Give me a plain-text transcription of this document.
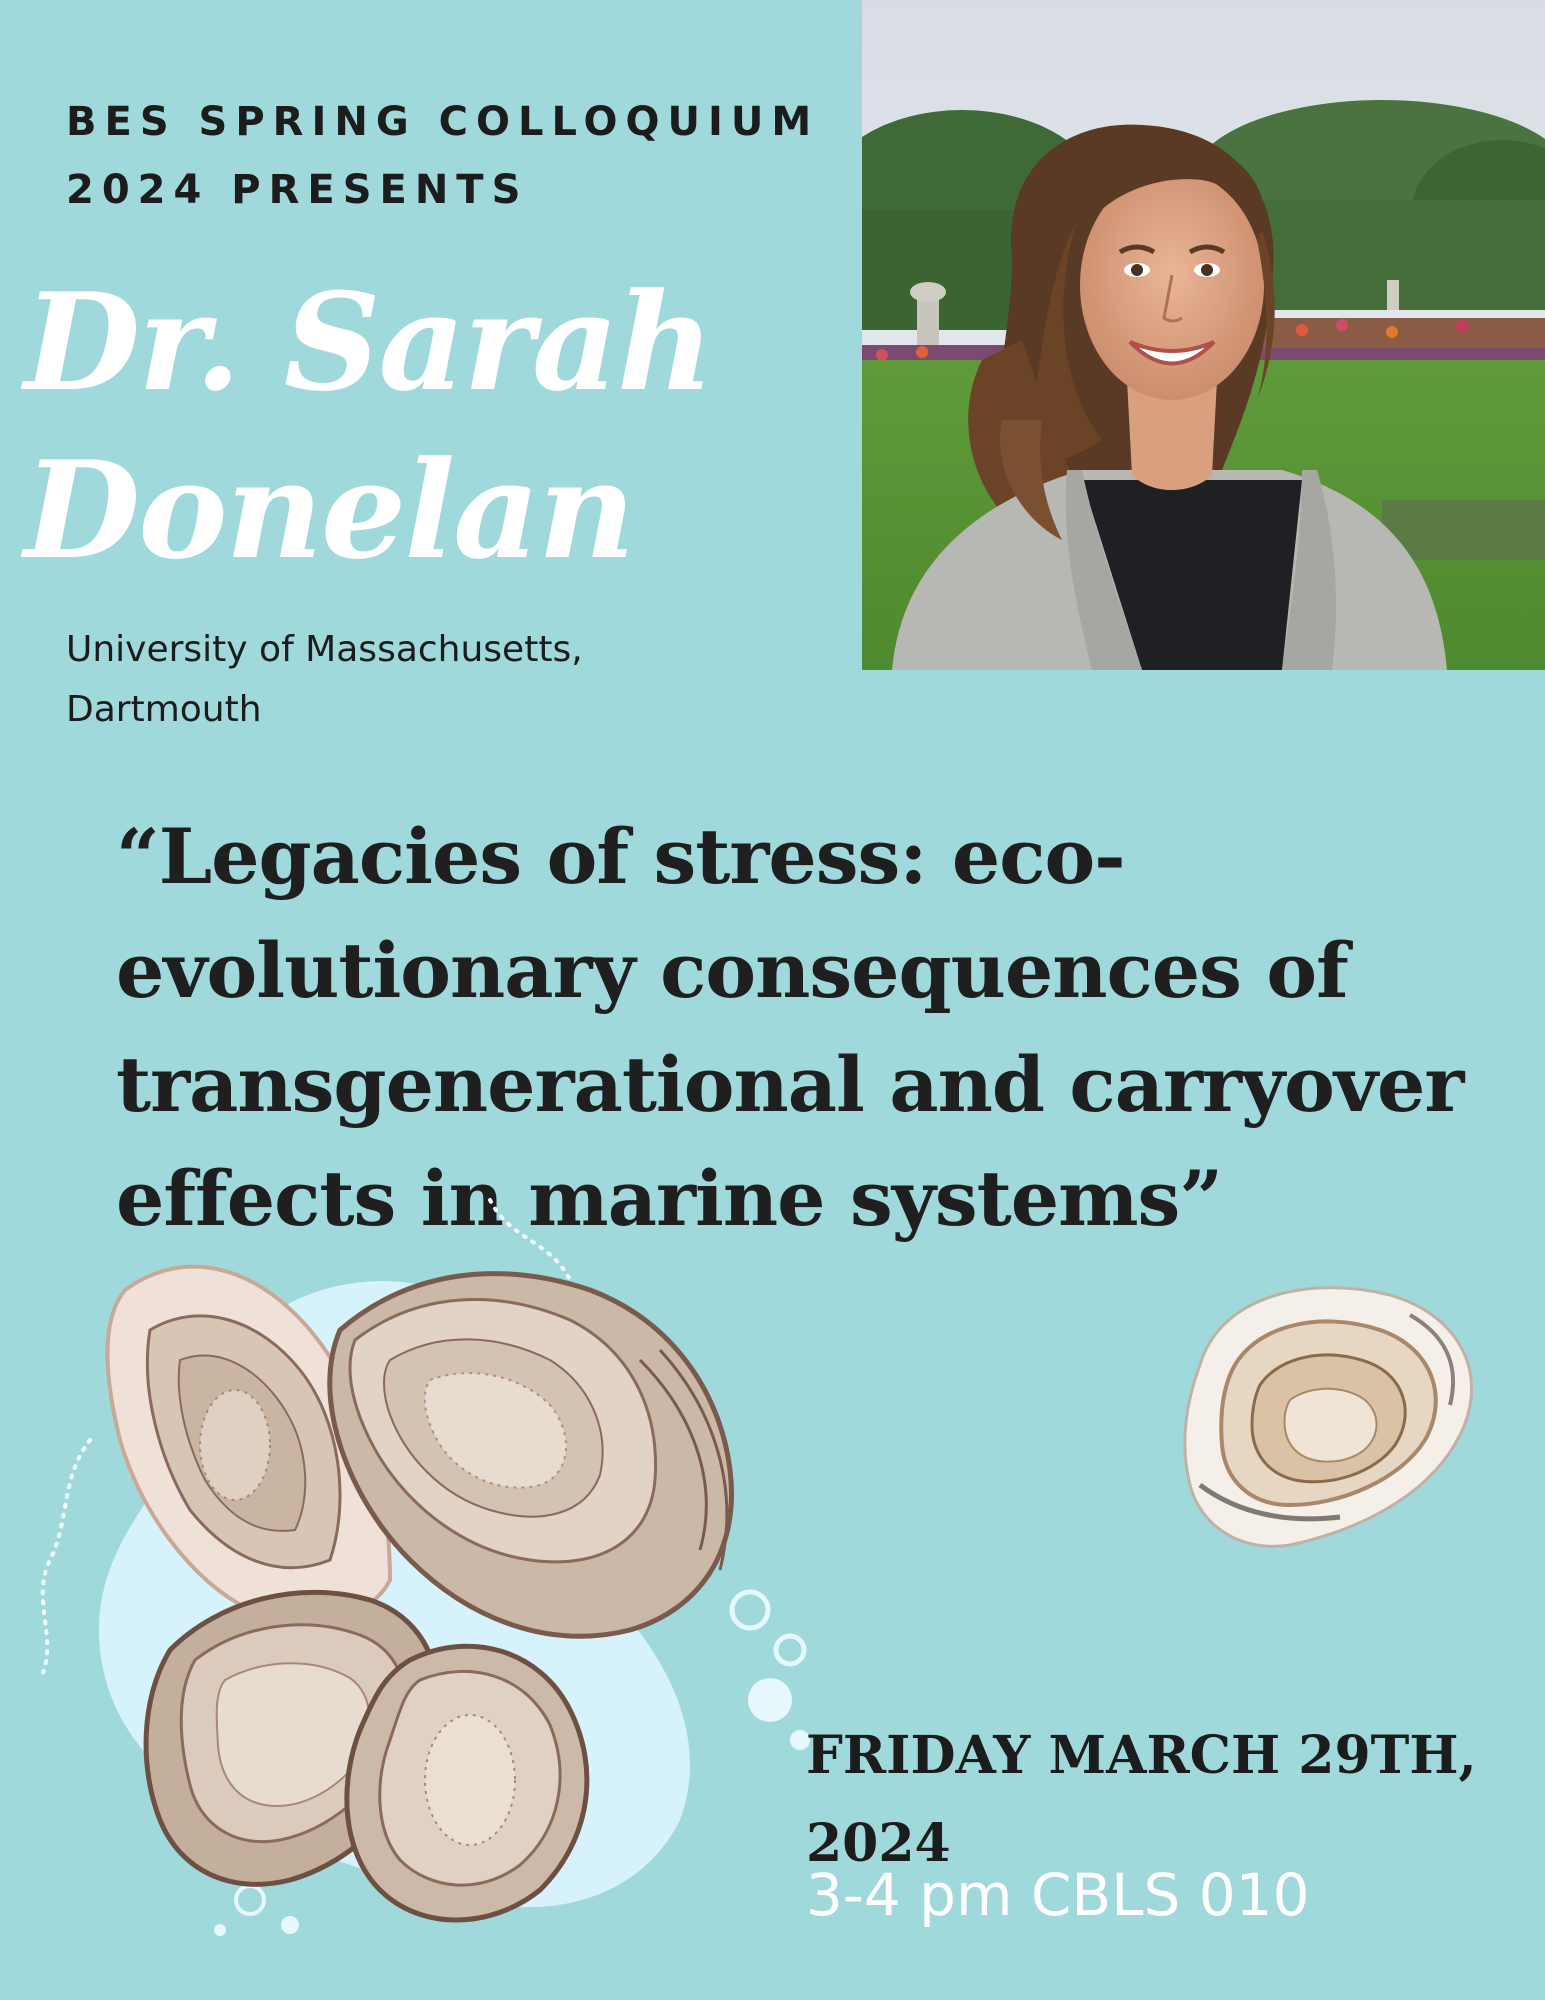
BES SPRING COLLOQUIUM
2024 PRESENTS
Dr. Sarah
Donelan
University of Massachusetts,
Dartmouth
“Legacies of stress: eco-
evolutionary consequences of
transgenerational and carryover
effects in marine systems”
FRIDAY MARCH 29TH,
2024
3-4 pm CBLS 010
